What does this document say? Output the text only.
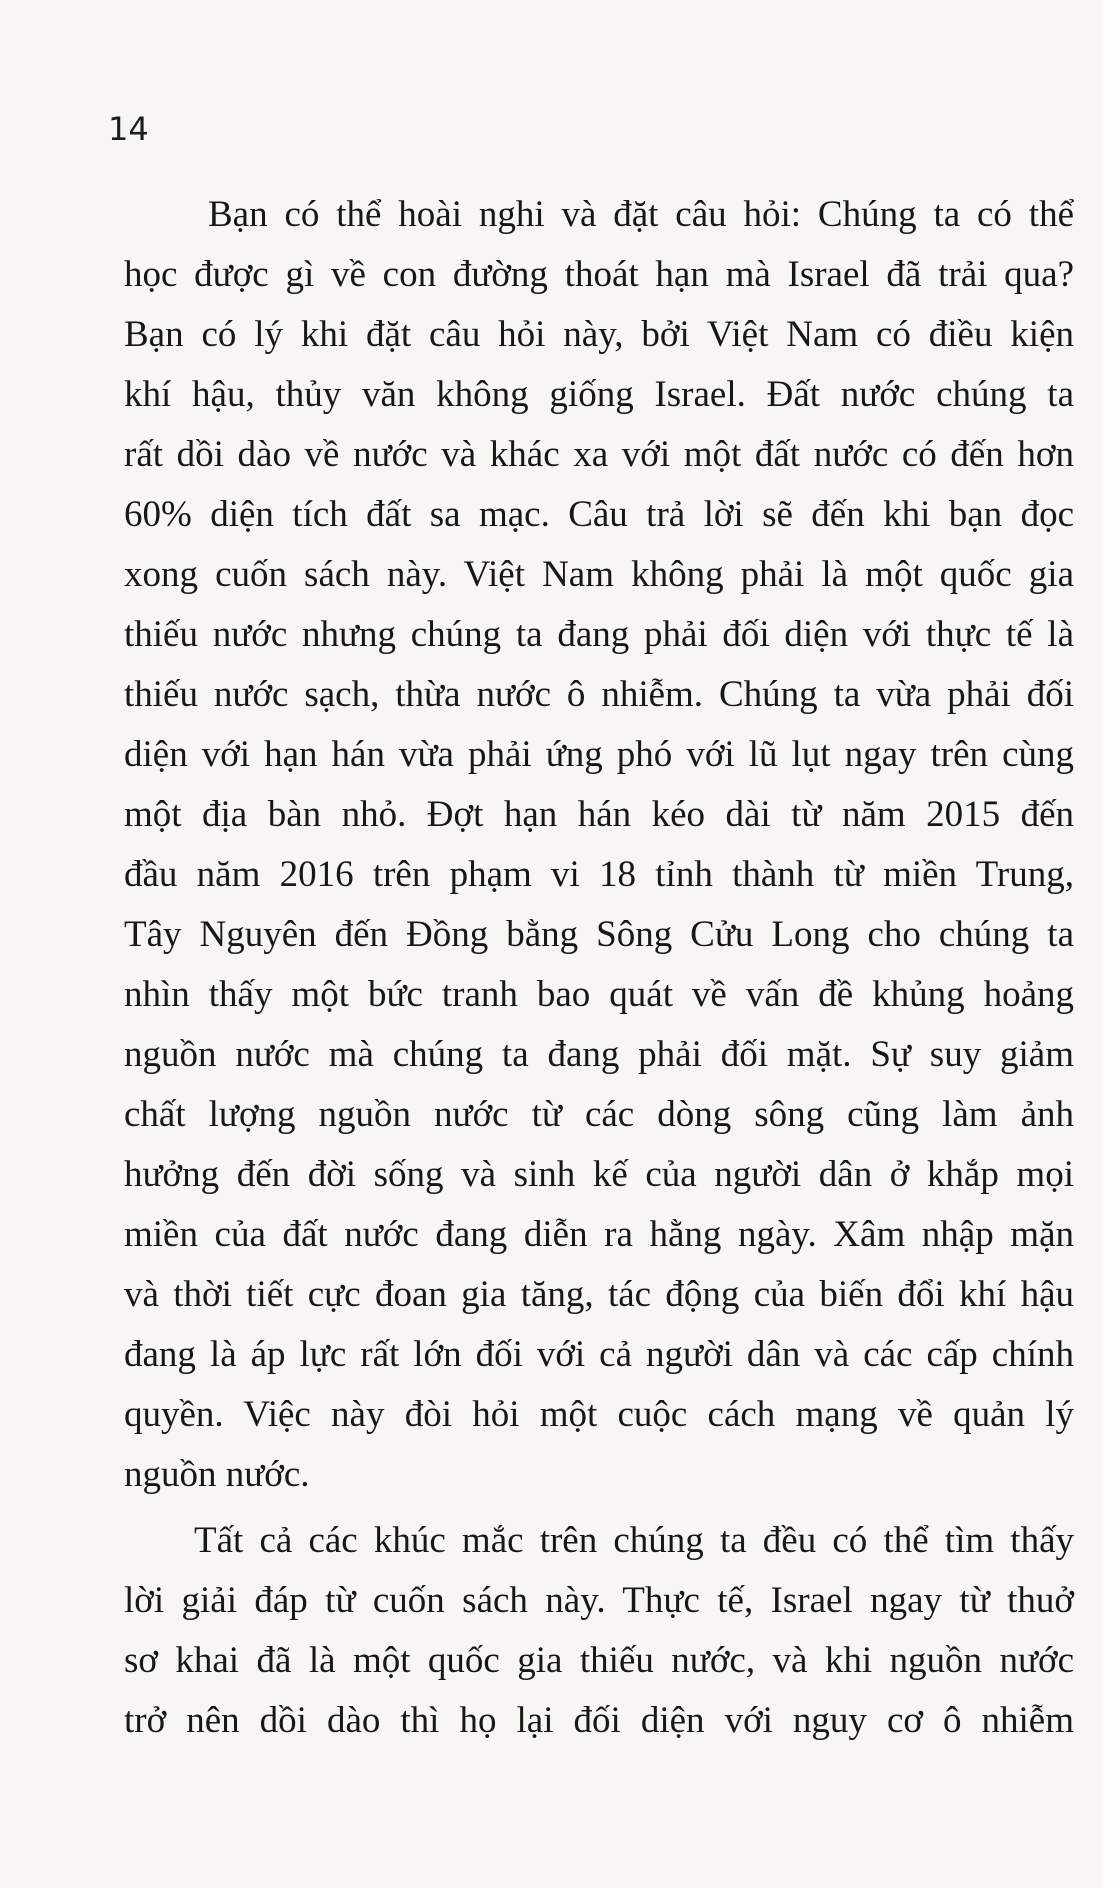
14
Bạn có thể hoài nghi và đặt câu hỏi: Chúng ta có thể
học được gì về con đường thoát hạn mà Israel đã trải qua?
Bạn có lý khi đặt câu hỏi này, bởi Việt Nam có điều kiện
khí hậu, thủy văn không giống Israel. Đất nước chúng ta
rất dồi dào về nước và khác xa với một đất nước có đến hơn
60% diện tích đất sa mạc. Câu trả lời sẽ đến khi bạn đọc
xong cuốn sách này. Việt Nam không phải là một quốc gia
thiếu nước nhưng chúng ta đang phải đối diện với thực tế là
thiếu nước sạch, thừa nước ô nhiễm. Chúng ta vừa phải đối
diện với hạn hán vừa phải ứng phó với lũ lụt ngay trên cùng
một địa bàn nhỏ. Đợt hạn hán kéo dài từ năm 2015 đến
đầu năm 2016 trên phạm vi 18 tỉnh thành từ miền Trung,
Tây Nguyên đến Đồng bằng Sông Cửu Long cho chúng ta
nhìn thấy một bức tranh bao quát về vấn đề khủng hoảng
nguồn nước mà chúng ta đang phải đối mặt. Sự suy giảm
chất lượng nguồn nước từ các dòng sông cũng làm ảnh
hưởng đến đời sống và sinh kế của người dân ở khắp mọi
miền của đất nước đang diễn ra hằng ngày. Xâm nhập mặn
và thời tiết cực đoan gia tăng, tác động của biến đổi khí hậu
đang là áp lực rất lớn đối với cả người dân và các cấp chính
quyền. Việc này đòi hỏi một cuộc cách mạng về quản lý
nguồn nước.
Tất cả các khúc mắc trên chúng ta đều có thể tìm thấy
lời giải đáp từ cuốn sách này. Thực tế, Israel ngay từ thuở
sơ khai đã là một quốc gia thiếu nước, và khi nguồn nước
trở nên dồi dào thì họ lại đối diện với nguy cơ ô nhiễm
